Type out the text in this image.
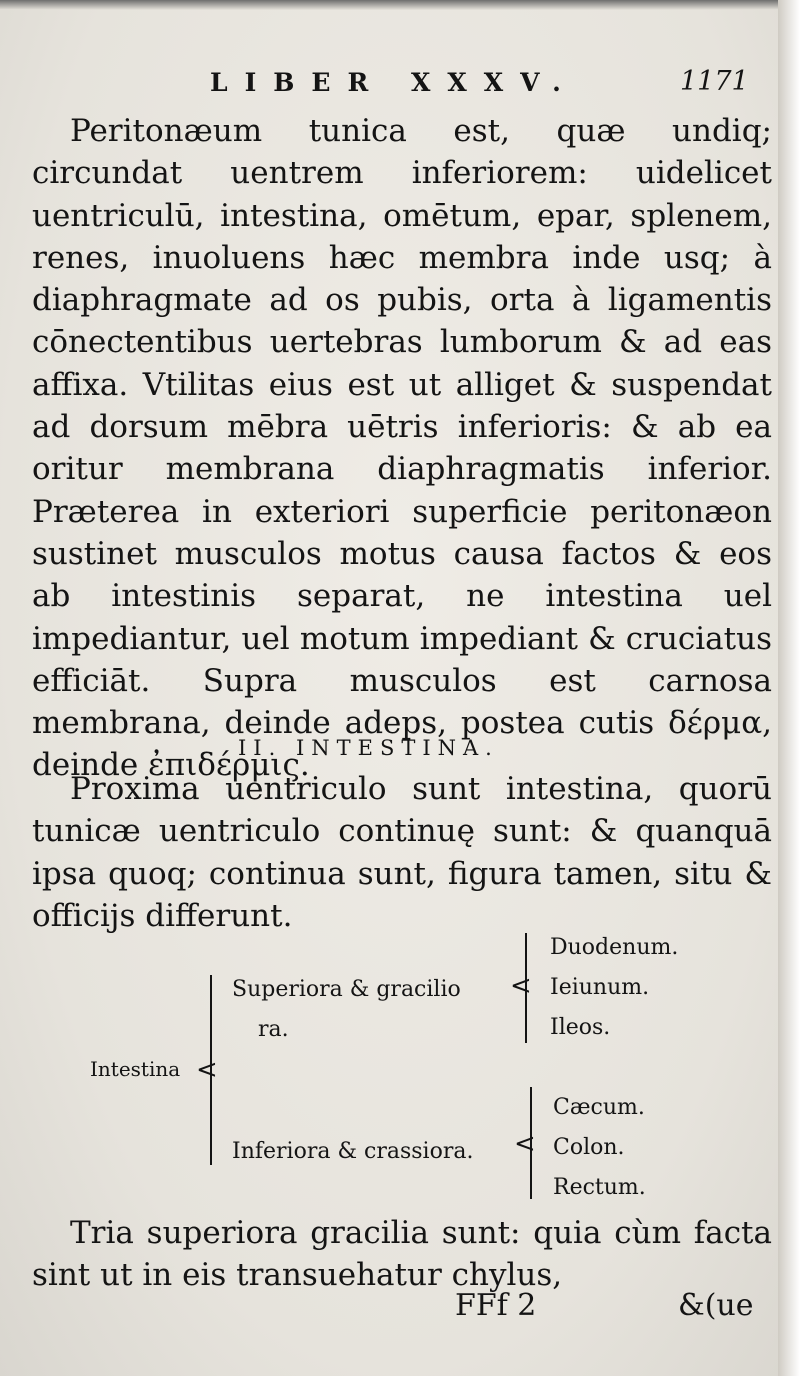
LIBER XXXV.	1171

Peritonæum tunica est, quæ undiq; circundat uentrem inferiorem: uidelicet uentriculū, intestina, omētum, epar, splenem, renes, inuoluens hæc membra inde usq; à diaphragmate ad os pubis, orta à ligamentis cōnectentibus uertebras lumborum & ad eas affixa. Vtilitas eius est ut alliget & suspendat ad dorsum mēbra uētris inferioris: & ab ea oritur membrana diaphragmatis inferior. Præterea in exteriori superficie peritonæon sustinet musculos motus causa factos & eos ab intestinis separat, ne intestina uel impediantur, uel motum impediant & cruciatus efficiāt. Supra musculos est carnosa membrana, deinde adeps, postea cutis δέρμα, deinde ἐπιδέρμις.

II. INTESTINA.

Proxima uentriculo sunt intestina, quorū tunicæ uentriculo continuę sunt: & quanquā ipsa quoq; continua sunt, figura tamen, situ & officijs differunt.

Intestina <
Superiora & gracilio
ra.
<
Duodenum.
Ieiunum.
Ileos.
Inferiora & crassiora. <
Cæcum.
Colon.
Rectum.

Tria superiora gracilia sunt: quia cùm facta sint ut in eis transuehatur chylus,

FFf 2	&(ue
